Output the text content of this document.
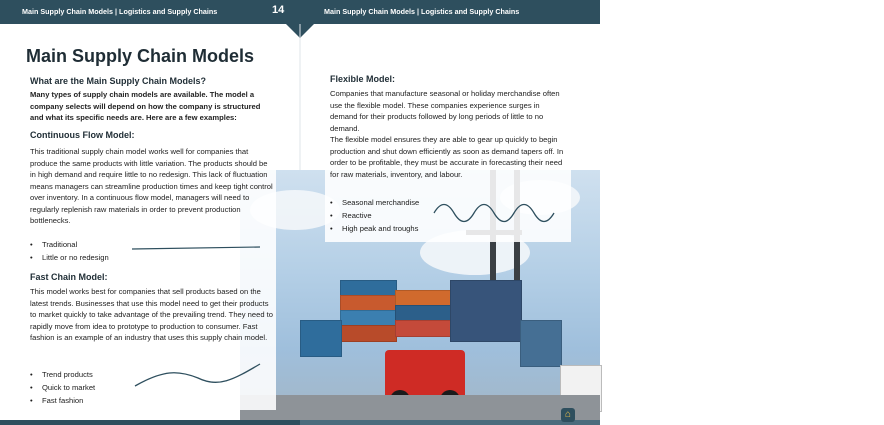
Main Supply Chain Models | Logistics and Supply Chains	14	Main Supply Chain Models | Logistics and Supply Chains	15
Main Supply Chain Models
What are the Main Supply Chain Models?
Many types of supply chain models are available. The model a company selects will depend on how the company is structured and what its specific needs are. Here are a few examples:
Continuous Flow Model:
This traditional supply chain model works well for companies that produce the same products with little variation. The products should be in high demand and require little to no redesign. This lack of fluctuation means managers can streamline production times and keep tight control over inventory. In a continuous flow model, managers will need to regularly replenish raw materials in order to prevent production bottlenecks.
• Traditional
• Little or no redesign
Fast Chain Model:
This model works best for companies that sell products based on the latest trends. Businesses that use this model need to get their products to market quickly to take advantage of the prevailing trend. They need to rapidly move from idea to prototype to production to consumer. Fast fashion is an example of an industry that uses this supply chain model.
• Trend products
• Quick to market
• Fast fashion
Flexible Model:
Companies that manufacture seasonal or holiday merchandise often use the flexible model. These companies experience surges in demand for their products followed by long periods of little to no demand.
The flexible model ensures they are able to gear up quickly to begin production and shut down efficiently as soon as demand tapers off. In order to be profitable, they must be accurate in forecasting their need for raw materials, inventory, and labour.
• Seasonal merchandise
• Reactive
• High peak and troughs
⌂
